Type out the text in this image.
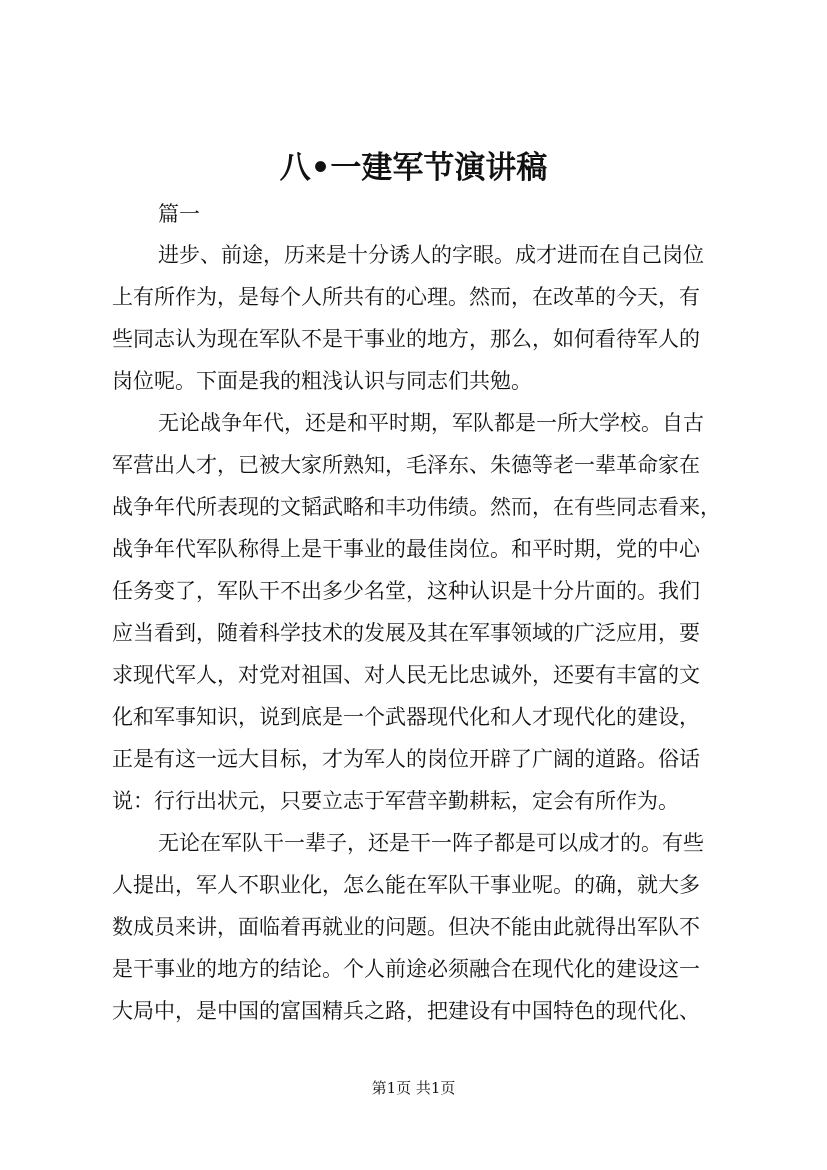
八•一建军节演讲稿

篇一

进步、前途，历来是十分诱人的字眼。成才进而在自己岗位

上有所作为，是每个人所共有的心理。然而，在改革的今天，有

些同志认为现在军队不是干事业的地方，那么，如何看待军人的

岗位呢。下面是我的粗浅认识与同志们共勉。

无论战争年代，还是和平时期，军队都是一所大学校。自古

军营出人才，已被大家所熟知，毛泽东、朱德等老一辈革命家在

战争年代所表现的文韬武略和丰功伟绩。然而，在有些同志看来，

战争年代军队称得上是干事业的最佳岗位。和平时期，党的中心

任务变了，军队干不出多少名堂，这种认识是十分片面的。我们

应当看到，随着科学技术的发展及其在军事领域的广泛应用，要

求现代军人，对党对祖国、对人民无比忠诚外，还要有丰富的文

化和军事知识，说到底是一个武器现代化和人才现代化的建设，

正是有这一远大目标，才为军人的岗位开辟了广阔的道路。俗话

说：行行出状元，只要立志于军营辛勤耕耘，定会有所作为。

无论在军队干一辈子，还是干一阵子都是可以成才的。有些

人提出，军人不职业化，怎么能在军队干事业呢。的确，就大多

数成员来讲，面临着再就业的问题。但决不能由此就得出军队不

是干事业的地方的结论。个人前途必须融合在现代化的建设这一

大局中，是中国的富国精兵之路，把建设有中国特色的现代化、

第1页 共1页
